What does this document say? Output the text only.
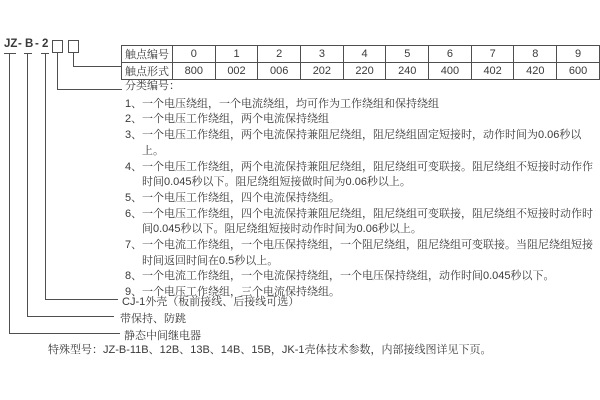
JZ - B - 2
触点编号	0	1	2	3	4	5	6	7	8	9
触点形式	800	002	006	202	220	240	400	402	420	600
分类编号：
1、 一个电压绕组，一个电流绕组，均可作为工作绕组和保持绕组
2、 一个电压工作绕组，两个电流保持绕组
3、 一个电压工作绕组，两个电流保持兼阻尼绕组，阻尼绕组固定短接时，动作时间为0.06秒以上。
4、 一个电压工作绕组，两个电流保持兼阻尼绕组，阻尼绕组可变联接。阻尼绕组不短接时动作作时间0.045秒以下。阻尼绕组短接做时间为0.06秒以上。
5、 一个电压工作绕组，四个电流保持绕组。
6、 一个电压工作绕组，四个电流保持兼阻尼绕组，阻尼绕组可变联接，阻尼绕组不短接时动作时间0.045秒以下。阻尼绕组短接时动作时间为0.06秒以上。
7、 一个电流工作绕组，一个电压保持绕组，一个阻尼绕组，阻尼绕组可变联接。当阻尼绕组短接时间返回时间在0.5秒以上。
8、 一个电流工作绕组，一个电流保持绕组，一个电压保持绕组，动作时间0.045秒以下。
9、 一个电压工作绕组，三个电流保持绕组。
CJ-1外壳（板前接线、后接线可选）
带保持、防跳
静态中间继电器
特殊型号：JZ-B-11B、12B、13B、14B、15B，JK-1壳体技术参数，内部接线图详见下页。
